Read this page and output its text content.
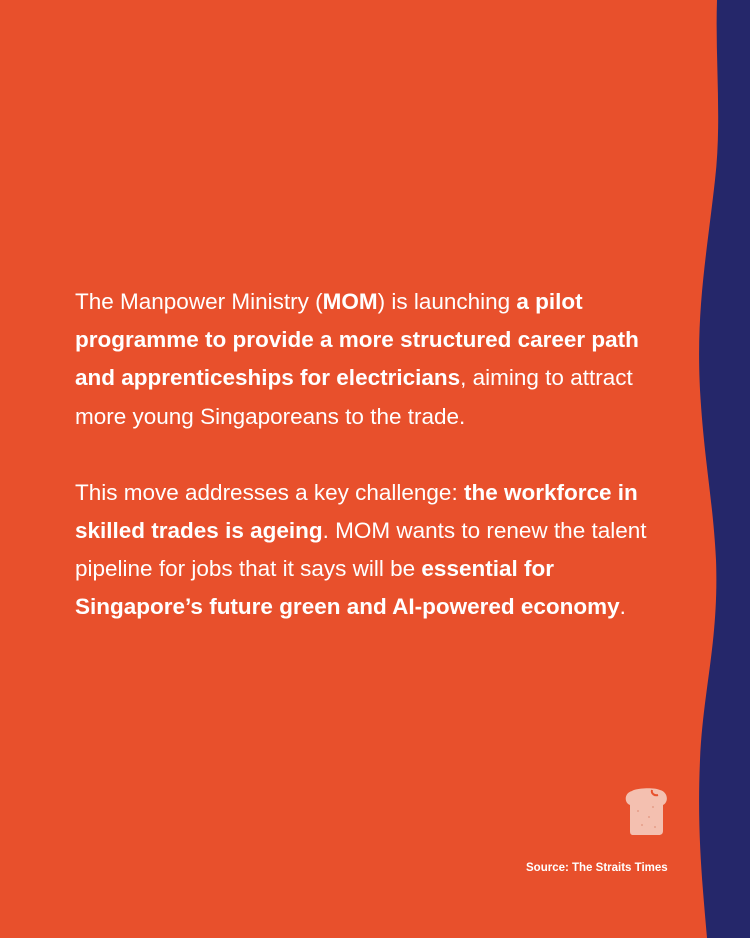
The Manpower Ministry (MOM) is launching a pilot programme to provide a more structured career path and apprenticeships for electricians, aiming to attract more young Singaporeans to the trade.

This move addresses a key challenge: the workforce in skilled trades is ageing. MOM wants to renew the talent pipeline for jobs that it says will be essential for Singapore’s future green and AI-powered economy.

Source: The Straits Times
